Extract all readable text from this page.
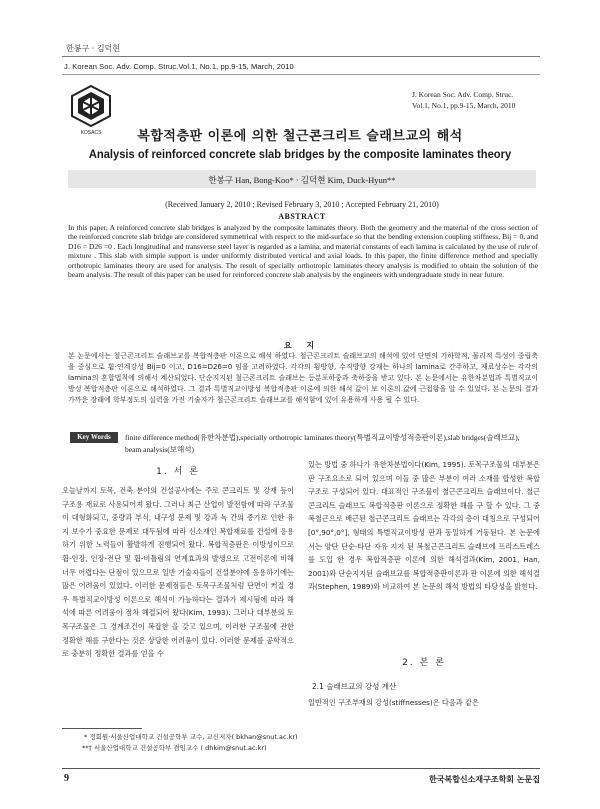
한봉구 · 김덕현
J. Korean Soc. Adv. Comp. Struc.Vol.1, No.1, pp.9-15, March, 2010
KOSACS
J. Korean Soc. Adv. Comp. Struc.
Vol.1, No.1, pp.9-15, March, 2010
복합적층판 이론에 의한 철근콘크리트 슬래브교의 해석
Analysis of reinforced concrete slab bridges by the composite laminates theory
한봉구 Han, Bong-Koo* · 김덕현 Kim, Duck-Hyun**
(Received January 2, 2010 ; Revised February 3, 2010 ; Accepted February 21, 2010)
ABSTRACT
In this paper, A reinforced concrete slab bridges is analyzed by the composite laminates theory. Both the geometry and the material of the cross section of the reinforced concrete slab bridge are considered symmetrical with respect to the mid-surface so that the bending extension coupling stiffness, Bij = 0, and D16 = D26 =0 . Each longitudinal and transverse steel layer is regarded as a lamina, and material constants of each lamina is calculated by the use of rule of mixture . This slab with simple support is under uniformly distributed vertical and axial loads. In this paper, the finite difference method and specially orthotropic laminates theory are used for analysis. The result of specially orthotropic laminates theory analysis is modified to obtain the solution of the beam analysis. The result of this paper can be used for reinforced concrete slab analysis by the engineers with undergraduate study in near future.
요 지
본 논문에서는 철근콘크리트 슬래브교를 복합적층판 이론으로 해석 하였다. 철근콘크리트 슬래브교의 해석에 있어 단면의 기하학적, 물리적 특성이 중립축을 중심으로 휨-연계강성 Bij=0 이고, D16=D26=0 임을 고려하였다. 각각의 횡방향, 수직방향 강재는 하나의 lamina로 간주하고, 재료상수는 각각의 lamina의 혼합법칙에 의해서 계산되었다. 단순지지된 철근콘크리트 슬래브는 등분포하중과 축하중을 받고 있다. 본 논문에서는 유한차분법과 특별직교이방성 복합적층판 이론으로 해석하였다. 그 결과 특별직교이방성 복합적층판 이론에 의한 해석 값이 보 이론의 값에 근접함을 알 수 있었다. 본 논문의 결과 가까운 장래에 학부정도의 실력을 가진 기술자가 철근콘크리트 슬래브교를 해석함에 있어 유용하게 사용 될 수 있다.
Key Words	finite difference method(유한차분법),specially orthotropic laminates theory(특별직교이방성적층판이론),slab bridges(슬래브교), beam analysis(보해석)
1. 서 론
오늘날까지 토목, 건축 분야의 건설공사에는 주로 콘크리트 및 강재 등이 구조용 재료로 사용되어져 왔다. 그러나 최근 산업이 발전함에 따라 구조물이 대형화되고, 중량과 부식, 내구성 문제 및 강과 녹 간의 증가로 인한 유지 보수가 중요한 문제로 대두됨에 따라 신소재인 복합재료를 건설에 응용하기 위한 노력들이 활발하게 진행되어 왔다. 복합적층판은 이방성이므로 휨-인장, 인장-전단 및 휨-비틀림의 연계효과의 발생으로 고전이론에 비해 너무 어렵다는 단점이 있으므로 일반 기술자들이 건설분야에 응용하기에는 많은 어려움이 있었다. 이러한 문제점들은 토목구조물처럼 단면이 커질 경우 특별직교이방성 이론으로 해석이 가능하다는 결과가 제시됨에 따라 해석에 따른 어려움이 점차 해결되어 왔다(Kim, 1993). 그러나 대부분의 토목구조물은 그 경계조건이 복잡한 을 갖고 있으며, 이러한 구조물에 관한 정확한 해를 구한다는 것은 상당한 어려움이 있다. 이러한 문제를 공학적으로 충분히 정확한 결과를 얻을 수
있는 방법 중 하나가 유한차분법이다(Kim, 1995). 토목구조물의 대부분은 판 구조요소로 되어 있으며 이들 중 많은 부분이 여러 소재를 합성한 복합구조로 구성되어 있다. 대표적인 구조물이 철근콘크리트 슬래브이다. 철근콘크리트 슬래브도 복합적층판 이론으로 정확한 해를 구 할 수 있다. 그 중 복철근으로 배근된 철근콘크리트 슬래브는 각각의 층이 대칭으로 구성되어 [0°,90°,0°], 형태의 특별직교이방성 판과 동일하게 거동된다. 본 논문에서는 양단 단순·타단 자유 지지 된 복철근콘크리트 슬래브에 프리스트레스를 도입 한 경우 복합적층판 이론에 의한 해석결과(Kim, 2001, Han, 2001)와 단순지지된 슬래브교를 복합적층판이론과 판 이론에 의한 해석결과(Stephen, 1989)와 비교하여 본 논문의 해석 방법의 타당성을 밝힌다.
2. 본 론
2.1 슬래브교의 강성 계산
일반적인 구조부재의 강성(stiffnesses)은 다음과 같은
* 정회원·서울산업대학교 건설공학부 교수, 교신저자( bkhan@snut.ac.kr)
**† 서울산업대학교 건설공학부 겸임교수 ( dhkim@snut.ac.kr)
9	한국복합신소재구조학회 논문집
